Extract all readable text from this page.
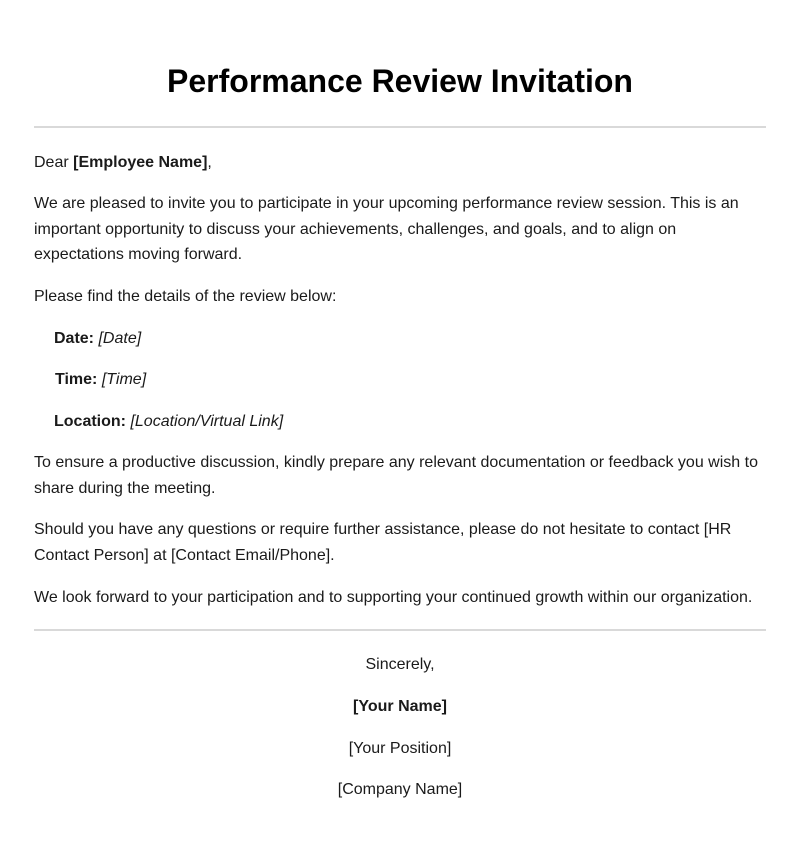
Performance Review Invitation

Dear [Employee Name],

We are pleased to invite you to participate in your upcoming performance review session. This is an important opportunity to discuss your achievements, challenges, and goals, and to align on expectations moving forward.

Please find the details of the review below:

Date: [Date]

Time: [Time]

Location: [Location/Virtual Link]

To ensure a productive discussion, kindly prepare any relevant documentation or feedback you wish to share during the meeting.

Should you have any questions or require further assistance, please do not hesitate to contact [HR Contact Person] at [Contact Email/Phone].

We look forward to your participation and to supporting your continued growth within our organization.

Sincerely,

[Your Name]

[Your Position]

[Company Name]
